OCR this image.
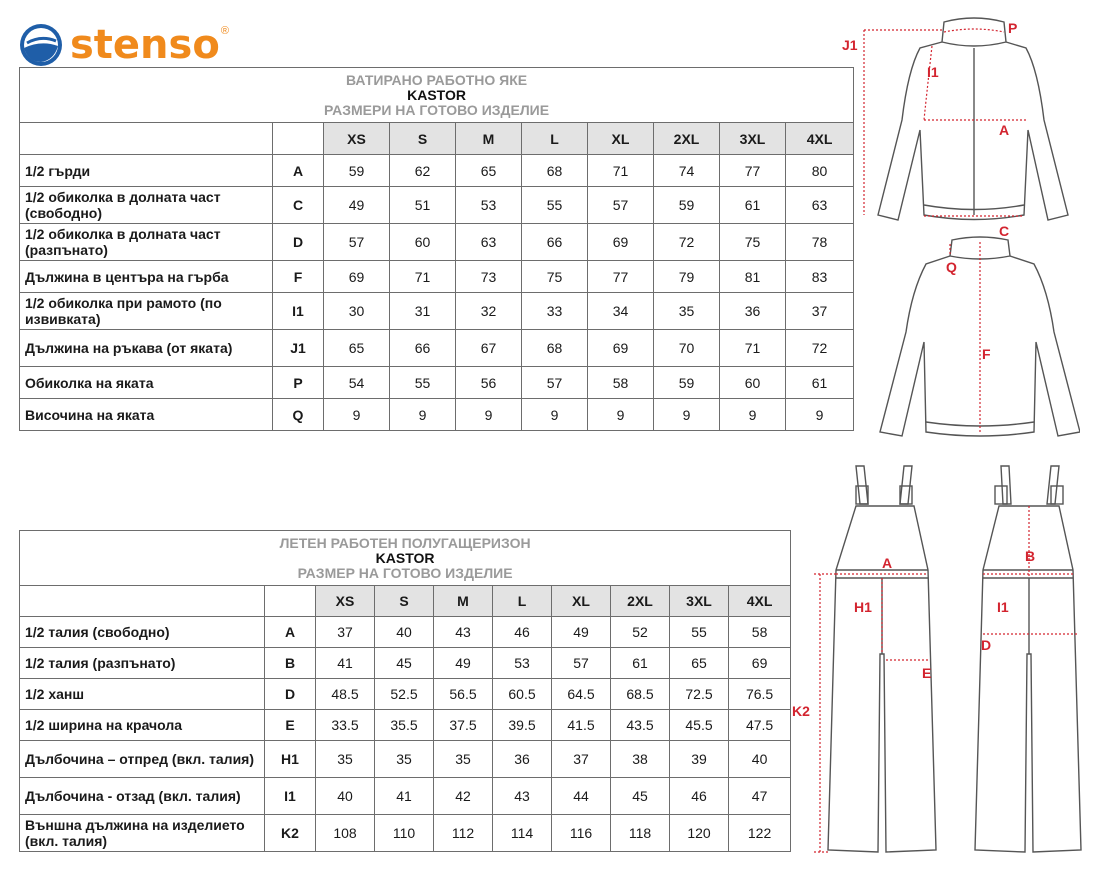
stenso ®
ВАТИРАНО РАБОТНО ЯКЕ
KASTOR
РАЗМЕРИ НА ГОТОВО ИЗДЕЛИЕ									

		XS	S	M	L	XL	2XL	3XL	4XL
1/2 гърди	A	59	62	65	68	71	74	77	80
1/2 обиколка в долната част (свободно)	C	49	51	53	55	57	59	61	63
1/2 обиколка в долната част (разпънато)	D	57	60	63	66	69	72	75	78
Дължина в центъра на гърба	F	69	71	73	75	77	79	81	83
1/2 обиколка при рамото (по извивката)	I1	30	31	32	33	34	35	36	37
Дължина на ръкава (от яката)	J1	65	66	67	68	69	70	71	72
Обиколка на яката	P	54	55	56	57	58	59	60	61
Височина на яката	Q	9	9	9	9	9	9	9	9
ЛЕТЕН РАБОТЕН ПОЛУГАЩЕРИЗОН
KASTOR
РАЗМЕР НА ГОТОВО ИЗДЕЛИЕ									

		XS	S	M	L	XL	2XL	3XL	4XL
1/2 талия (свободно)	A	37	40	43	46	49	52	55	58
1/2 талия (разпънато)	B	41	45	49	53	57	61	65	69
1/2 ханш	D	48.5	52.5	56.5	60.5	64.5	68.5	72.5	76.5
1/2 ширина на крачола	E	33.5	35.5	37.5	39.5	41.5	43.5	45.5	47.5
Дълбочина – отпред (вкл. талия)	H1	35	35	35	36	37	38	39	40
Дълбочина - отзад (вкл. талия)	I1	40	41	42	43	44	45	46	47
Външна дължина на изделието (вкл. талия)	K2	108	110	112	114	116	118	120	122
J1
P
I1
A
C
Q
F
A
H1
E
K2
B
I1
D
